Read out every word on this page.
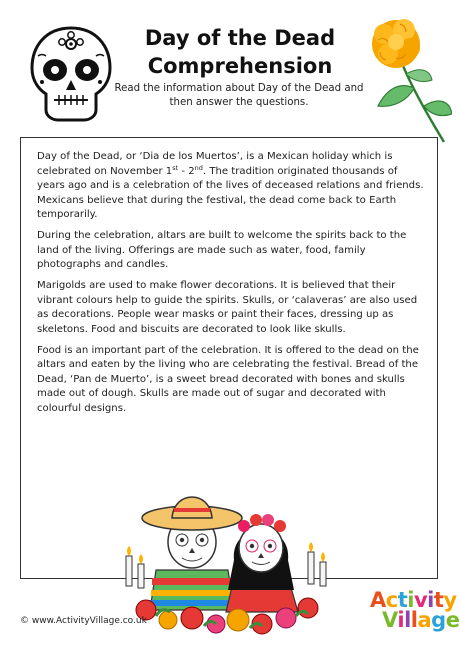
Day of the Dead
Comprehension
Read the information about Day of the Dead and then answer the questions.

Day of the Dead, or ‘Dia de los Muertos’, is a Mexican holiday which is celebrated on November 1st - 2nd. The tradition originated thousands of years ago and is a celebration of the lives of deceased relations and friends. Mexicans believe that during the festival, the dead come back to Earth temporarily.

During the celebration, altars are built to welcome the spirits back to the land of the living. Offerings are made such as water, food, family photographs and candles.

Marigolds are used to make flower decorations. It is believed that their vibrant colours help to guide the spirits. Skulls, or ‘calaveras’ are also used as decorations. People wear masks or paint their faces, dressing up as skeletons. Food and biscuits are decorated to look like skulls.

Food is an important part of the celebration. It is offered to the dead on the altars and eaten by the living who are celebrating the festival. Bread of the Dead, ‘Pan de Muerto’, is a sweet bread decorated with bones and skulls made out of dough. Skulls are made out of sugar and decorated with colourful designs.

© www.ActivityVillage.co.uk
Activity
Village
